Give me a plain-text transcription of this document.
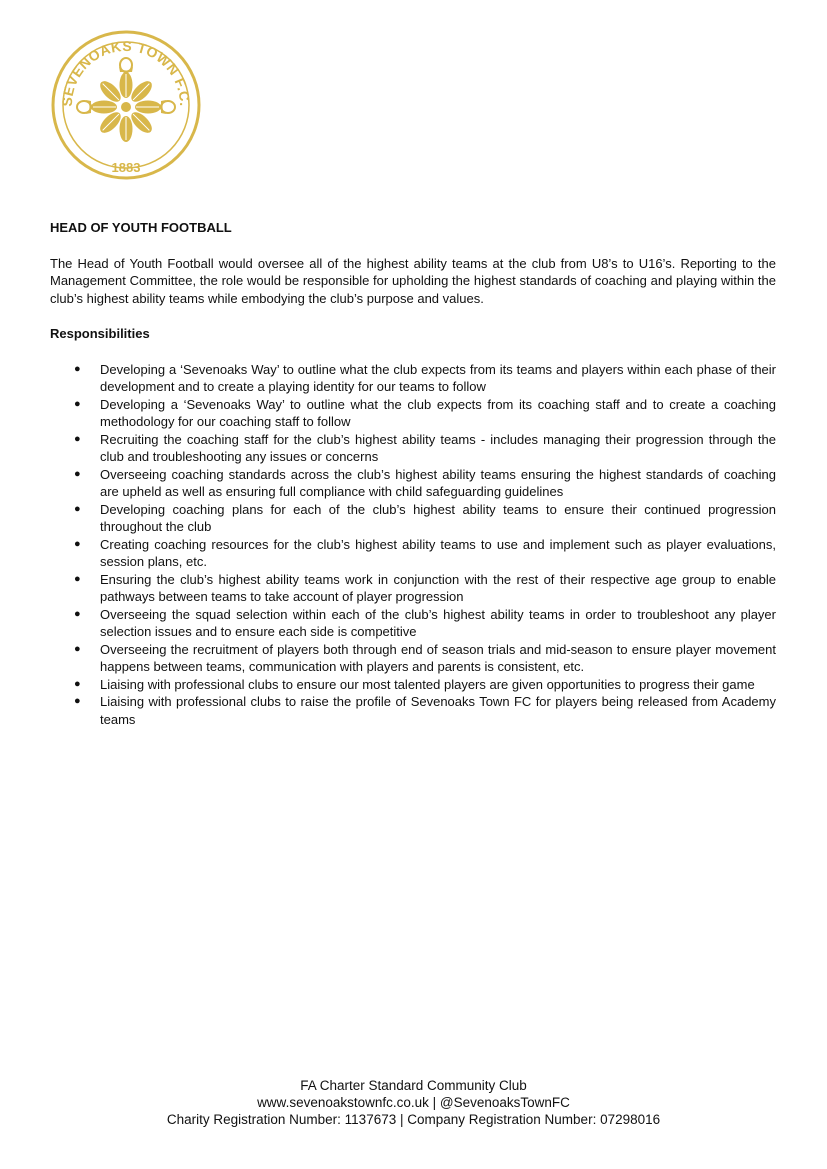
SEVENOAKS TOWN F.C.
1883

HEAD OF YOUTH FOOTBALL

The Head of Youth Football would oversee all of the highest ability teams at the club from U8’s to U16’s. Reporting to the Management Committee, the role would be responsible for upholding the highest standards of coaching and playing within the club’s highest ability teams while embodying the club’s purpose and values.

Responsibilities

● Developing a ‘Sevenoaks Way’ to outline what the club expects from its teams and players within each phase of their development and to create a playing identity for our teams to follow
● Developing a ‘Sevenoaks Way’ to outline what the club expects from its coaching staff and to create a coaching methodology for our coaching staff to follow
● Recruiting the coaching staff for the club’s highest ability teams - includes managing their progression through the club and troubleshooting any issues or concerns
● Overseeing coaching standards across the club’s highest ability teams ensuring the highest standards of coaching are upheld as well as ensuring full compliance with child safeguarding guidelines
● Developing coaching plans for each of the club’s highest ability teams to ensure their continued progression throughout the club
● Creating coaching resources for the club’s highest ability teams to use and implement such as player evaluations, session plans, etc.
● Ensuring the club’s highest ability teams work in conjunction with the rest of their respective age group to enable pathways between teams to take account of player progression
● Overseeing the squad selection within each of the club’s highest ability teams in order to troubleshoot any player selection issues and to ensure each side is competitive
● Overseeing the recruitment of players both through end of season trials and mid-season to ensure player movement happens between teams, communication with players and parents is consistent, etc.
● Liaising with professional clubs to ensure our most talented players are given opportunities to progress their game
● Liaising with professional clubs to raise the profile of Sevenoaks Town FC for players being released from Academy teams
FA Charter Standard Community Club
www.sevenoakstownfc.co.uk | @SevenoaksTownFC
Charity Registration Number: 1137673 | Company Registration Number: 07298016
